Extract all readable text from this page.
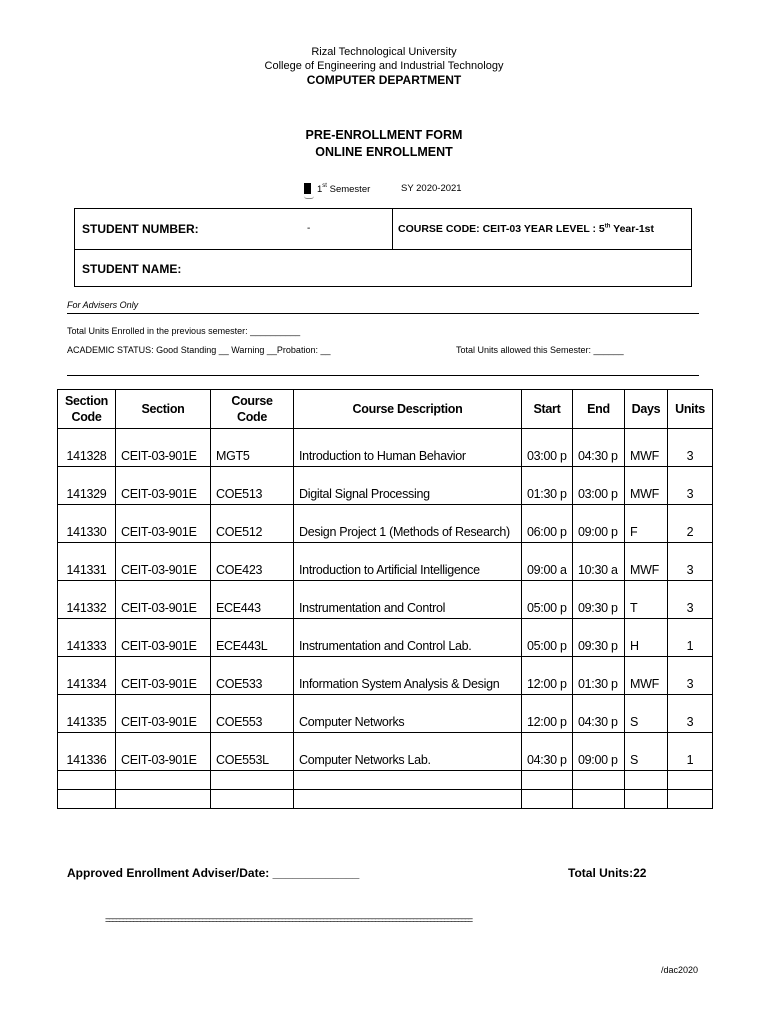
Rizal Technological University
College of Engineering and Industrial Technology
COMPUTER DEPARTMENT
PRE-ENROLLMENT FORM
ONLINE ENROLLMENT
1st Semester	SY 2020-2021
STUDENT NUMBER:	-	COURSE CODE: CEIT-03 YEAR LEVEL : 5th Year-1st
STUDENT NAME:
For Advisers Only
Total Units Enrolled in the previous semester: __________
ACADEMIC STATUS: Good Standing __ Warning __Probation: __	Total Units allowed this Semester: ______
Section Code	Section	Course Code	Course Description	Start	End	Days	Units
141328	CEIT-03-901E	MGT5	Introduction to Human Behavior	03:00 p	04:30 p	MWF	3
141329	CEIT-03-901E	COE513	Digital Signal Processing	01:30 p	03:00 p	MWF	3
141330	CEIT-03-901E	COE512	Design Project 1 (Methods of Research)	06:00 p	09:00 p	F	2
141331	CEIT-03-901E	COE423	Introduction to Artificial Intelligence	09:00 a	10:30 a	MWF	3
141332	CEIT-03-901E	ECE443	Instrumentation and Control	05:00 p	09:30 p	T	3
141333	CEIT-03-901E	ECE443L	Instrumentation and Control Lab.	05:00 p	09:30 p	H	1
141334	CEIT-03-901E	COE533	Information System Analysis & Design	12:00 p	01:30 p	MWF	3
141335	CEIT-03-901E	COE553	Computer Networks	12:00 p	04:30 p	S	3
141336	CEIT-03-901E	COE553L	Computer Networks Lab.	04:30 p	09:00 p	S	1

Approved Enrollment Adviser/Date: _____________	Total Units:22
==========================================================================================================
/dac2020
